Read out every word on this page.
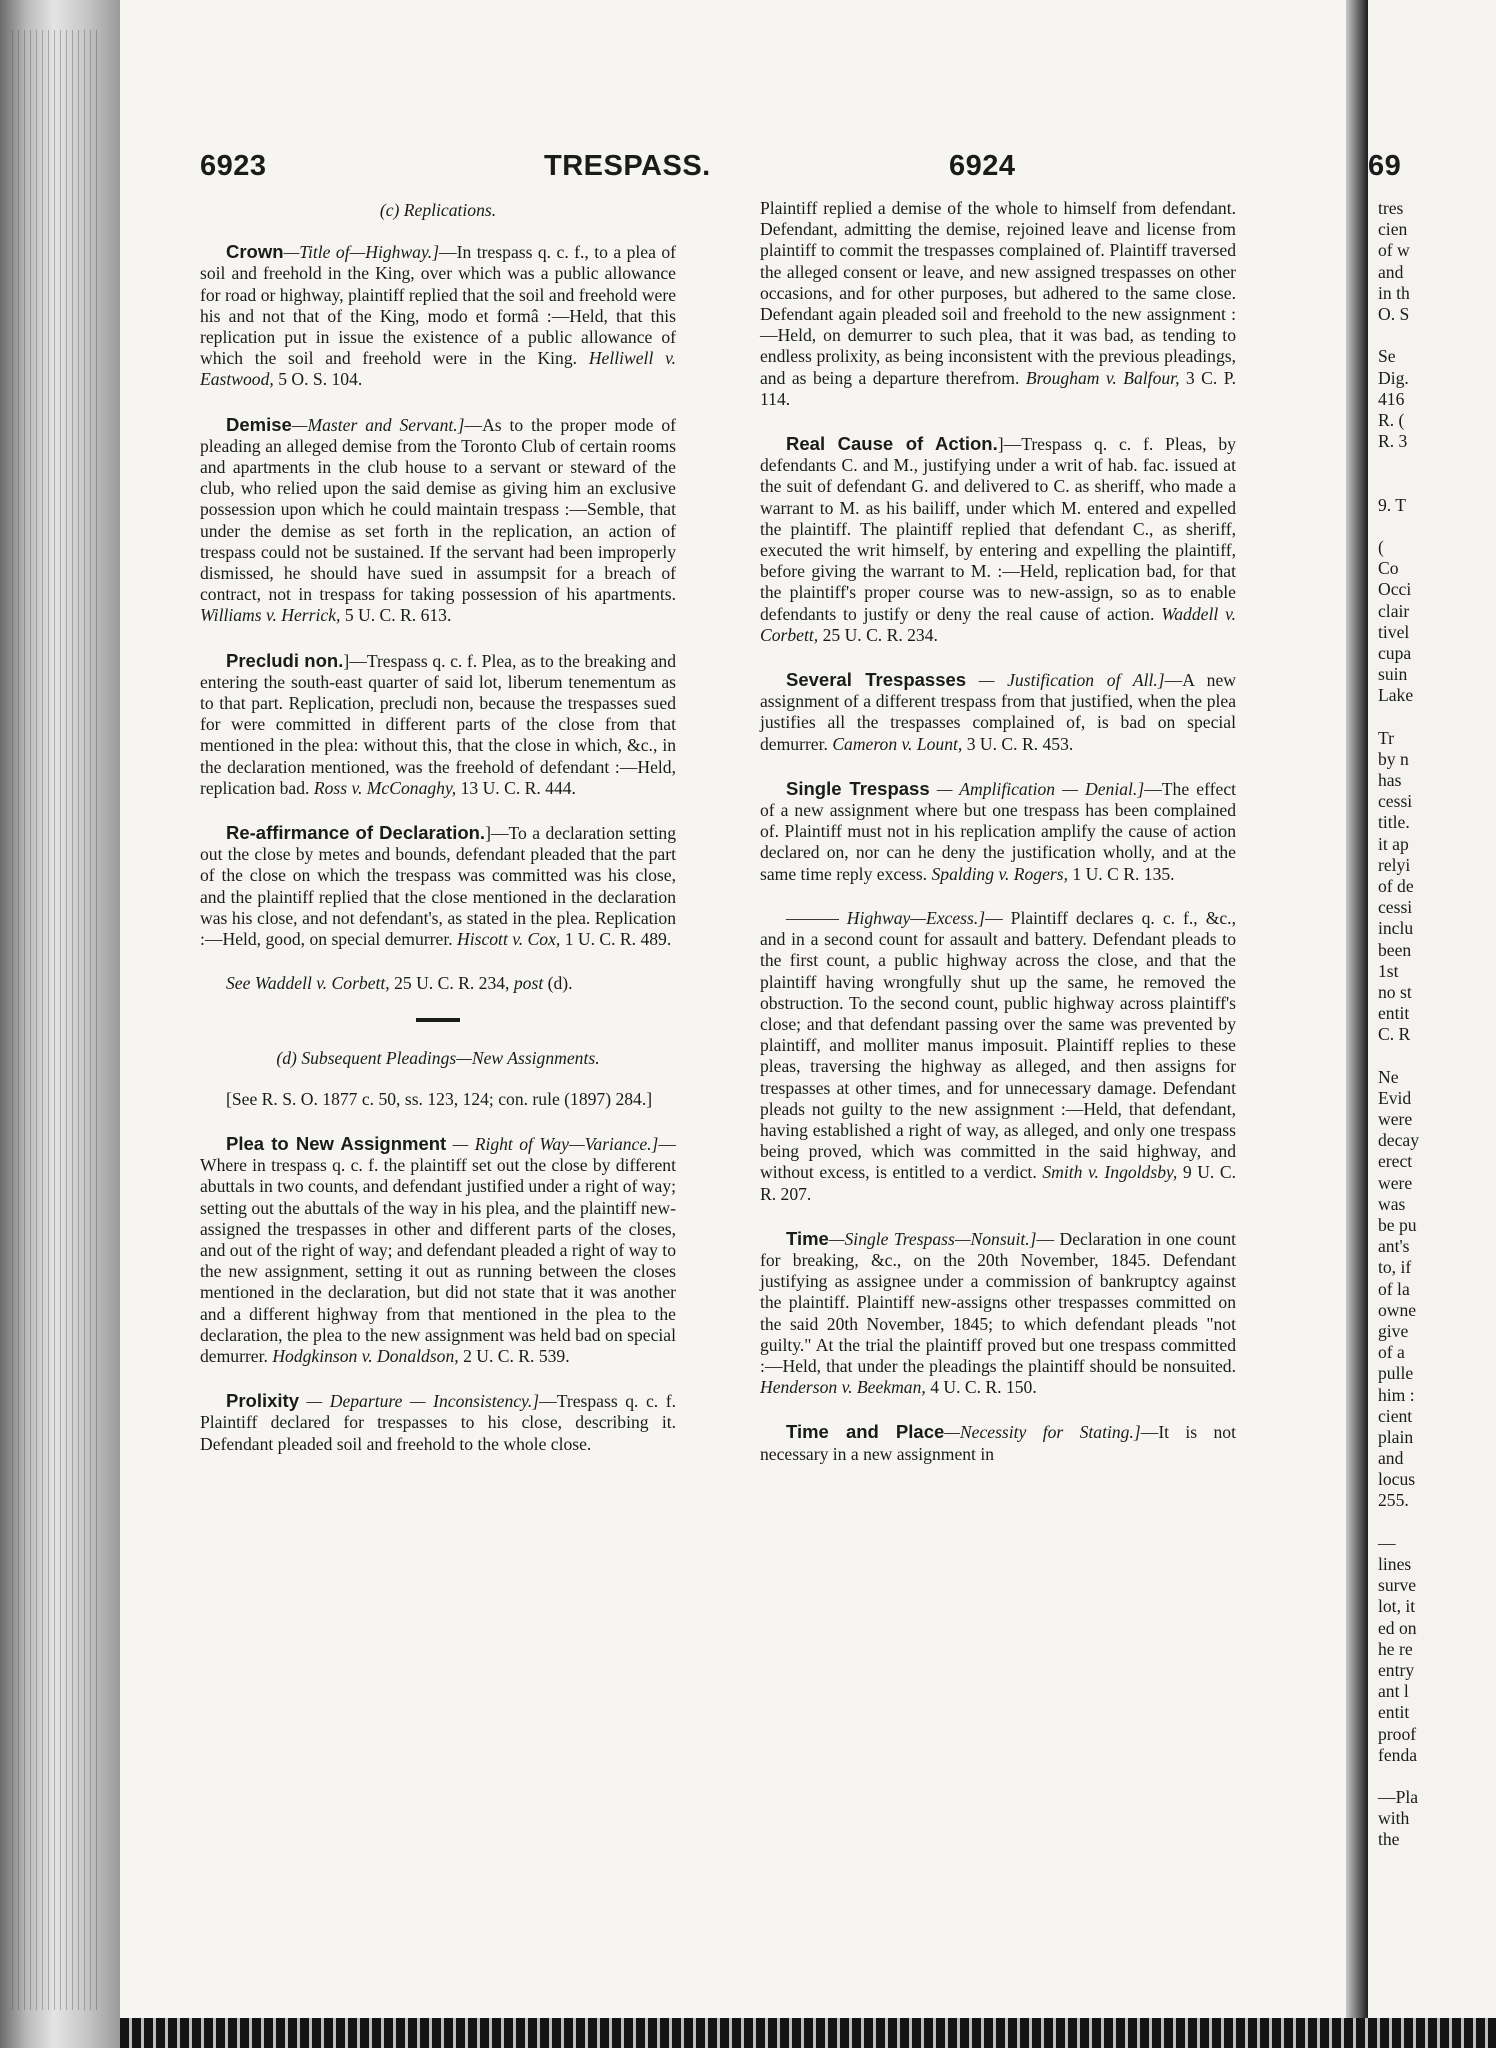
69
tres
cien
of w
and
in th
O. S
Se
Dig.
416
R. (
R. 3
9. T
(
Co
Occi
clair
tivel
cupa
suin
Lake
Tr
by n
has
cessi
title.
it ap
relyi
of de
cessi
inclu
been
1st
no st
entit
C. R
Ne
Evid
were
decay
erect
were
was
be pu
ant's
to, if
of la
owne
give
of a
pulle
him :
cient
plain
and
locus
255.
—
lines
surve
lot, it
ed on
he re
entry
ant l
entit
proof
fenda
—Pla
with
the
6923	TRESPASS.	6924
(c) Replications.

Crown—Title of—Highway.]—In trespass q. c. f., to a plea of soil and freehold in the King, over which was a public allowance for road or highway, plaintiff replied that the soil and freehold were his and not that of the King, modo et formâ :—Held, that this replication put in issue the existence of a public allowance of which the soil and freehold were in the King. Helliwell v. Eastwood, 5 O. S. 104.

Demise—Master and Servant.]—As to the proper mode of pleading an alleged demise from the Toronto Club of certain rooms and apartments in the club house to a servant or steward of the club, who relied upon the said demise as giving him an exclusive possession upon which he could maintain trespass :—Semble, that under the demise as set forth in the replication, an action of trespass could not be sustained. If the servant had been improperly dismissed, he should have sued in assumpsit for a breach of contract, not in trespass for taking possession of his apartments. Williams v. Herrick, 5 U. C. R. 613.

Precludi non.]—Trespass q. c. f. Plea, as to the breaking and entering the south-east quarter of said lot, liberum tenementum as to that part. Replication, precludi non, because the trespasses sued for were committed in different parts of the close from that mentioned in the plea: without this, that the close in which, &c., in the declaration mentioned, was the freehold of defendant :—Held, replication bad. Ross v. McConaghy, 13 U. C. R. 444.

Re-affirmance of Declaration.]—To a declaration setting out the close by metes and bounds, defendant pleaded that the part of the close on which the trespass was committed was his close, and the plaintiff replied that the close mentioned in the declaration was his close, and not defendant's, as stated in the plea. Replication :—Held, good, on special demurrer. Hiscott v. Cox, 1 U. C. R. 489.

See Waddell v. Corbett, 25 U. C. R. 234, post (d).

(d) Subsequent Pleadings—New Assignments.

[See R. S. O. 1877 c. 50, ss. 123, 124; con. rule (1897) 284.]

Plea to New Assignment — Right of Way—Variance.]—Where in trespass q. c. f. the plaintiff set out the close by different abuttals in two counts, and defendant justified under a right of way; setting out the abuttals of the way in his plea, and the plaintiff new-assigned the trespasses in other and different parts of the closes, and out of the right of way; and defendant pleaded a right of way to the new assignment, setting it out as running between the closes mentioned in the declaration, but did not state that it was another and a different highway from that mentioned in the plea to the declaration, the plea to the new assignment was held bad on special demurrer. Hodgkinson v. Donaldson, 2 U. C. R. 539.

Prolixity — Departure — Inconsistency.]—Trespass q. c. f. Plaintiff declared for trespasses to his close, describing it. Defendant pleaded soil and freehold to the whole close.

Plaintiff replied a demise of the whole to himself from defendant. Defendant, admitting the demise, rejoined leave and license from plaintiff to commit the trespasses complained of. Plaintiff traversed the alleged consent or leave, and new assigned trespasses on other occasions, and for other purposes, but adhered to the same close. Defendant again pleaded soil and freehold to the new assignment :—Held, on demurrer to such plea, that it was bad, as tending to endless prolixity, as being inconsistent with the previous pleadings, and as being a departure therefrom. Brougham v. Balfour, 3 C. P. 114.

Real Cause of Action.]—Trespass q. c. f. Pleas, by defendants C. and M., justifying under a writ of hab. fac. issued at the suit of defendant G. and delivered to C. as sheriff, who made a warrant to M. as his bailiff, under which M. entered and expelled the plaintiff. The plaintiff replied that defendant C., as sheriff, executed the writ himself, by entering and expelling the plaintiff, before giving the warrant to M. :—Held, replication bad, for that the plaintiff's proper course was to new-assign, so as to enable defendants to justify or deny the real cause of action. Waddell v. Corbett, 25 U. C. R. 234.

Several Trespasses — Justification of All.]—A new assignment of a different trespass from that justified, when the plea justifies all the trespasses complained of, is bad on special demurrer. Cameron v. Lount, 3 U. C. R. 453.

Single Trespass — Amplification — Denial.]—The effect of a new assignment where but one trespass has been complained of. Plaintiff must not in his replication amplify the cause of action declared on, nor can he deny the justification wholly, and at the same time reply excess. Spalding v. Rogers, 1 U. C R. 135.

——— Highway—Excess.]— Plaintiff declares q. c. f., &c., and in a second count for assault and battery. Defendant pleads to the first count, a public highway across the close, and that the plaintiff having wrongfully shut up the same, he removed the obstruction. To the second count, public highway across plaintiff's close; and that defendant passing over the same was prevented by plaintiff, and molliter manus imposuit. Plaintiff replies to these pleas, traversing the highway as alleged, and then assigns for trespasses at other times, and for unnecessary damage. Defendant pleads not guilty to the new assignment :—Held, that defendant, having established a right of way, as alleged, and only one trespass being proved, which was committed in the said highway, and without excess, is entitled to a verdict. Smith v. Ingoldsby, 9 U. C. R. 207.

Time—Single Trespass—Nonsuit.]— Declaration in one count for breaking, &c., on the 20th November, 1845. Defendant justifying as assignee under a commission of bankruptcy against the plaintiff. Plaintiff new-assigns other trespasses committed on the said 20th November, 1845; to which defendant pleads "not guilty." At the trial the plaintiff proved but one trespass committed :—Held, that under the pleadings the plaintiff should be nonsuited. Henderson v. Beekman, 4 U. C. R. 150.

Time and Place—Necessity for Stating.]—It is not necessary in a new assignment in
